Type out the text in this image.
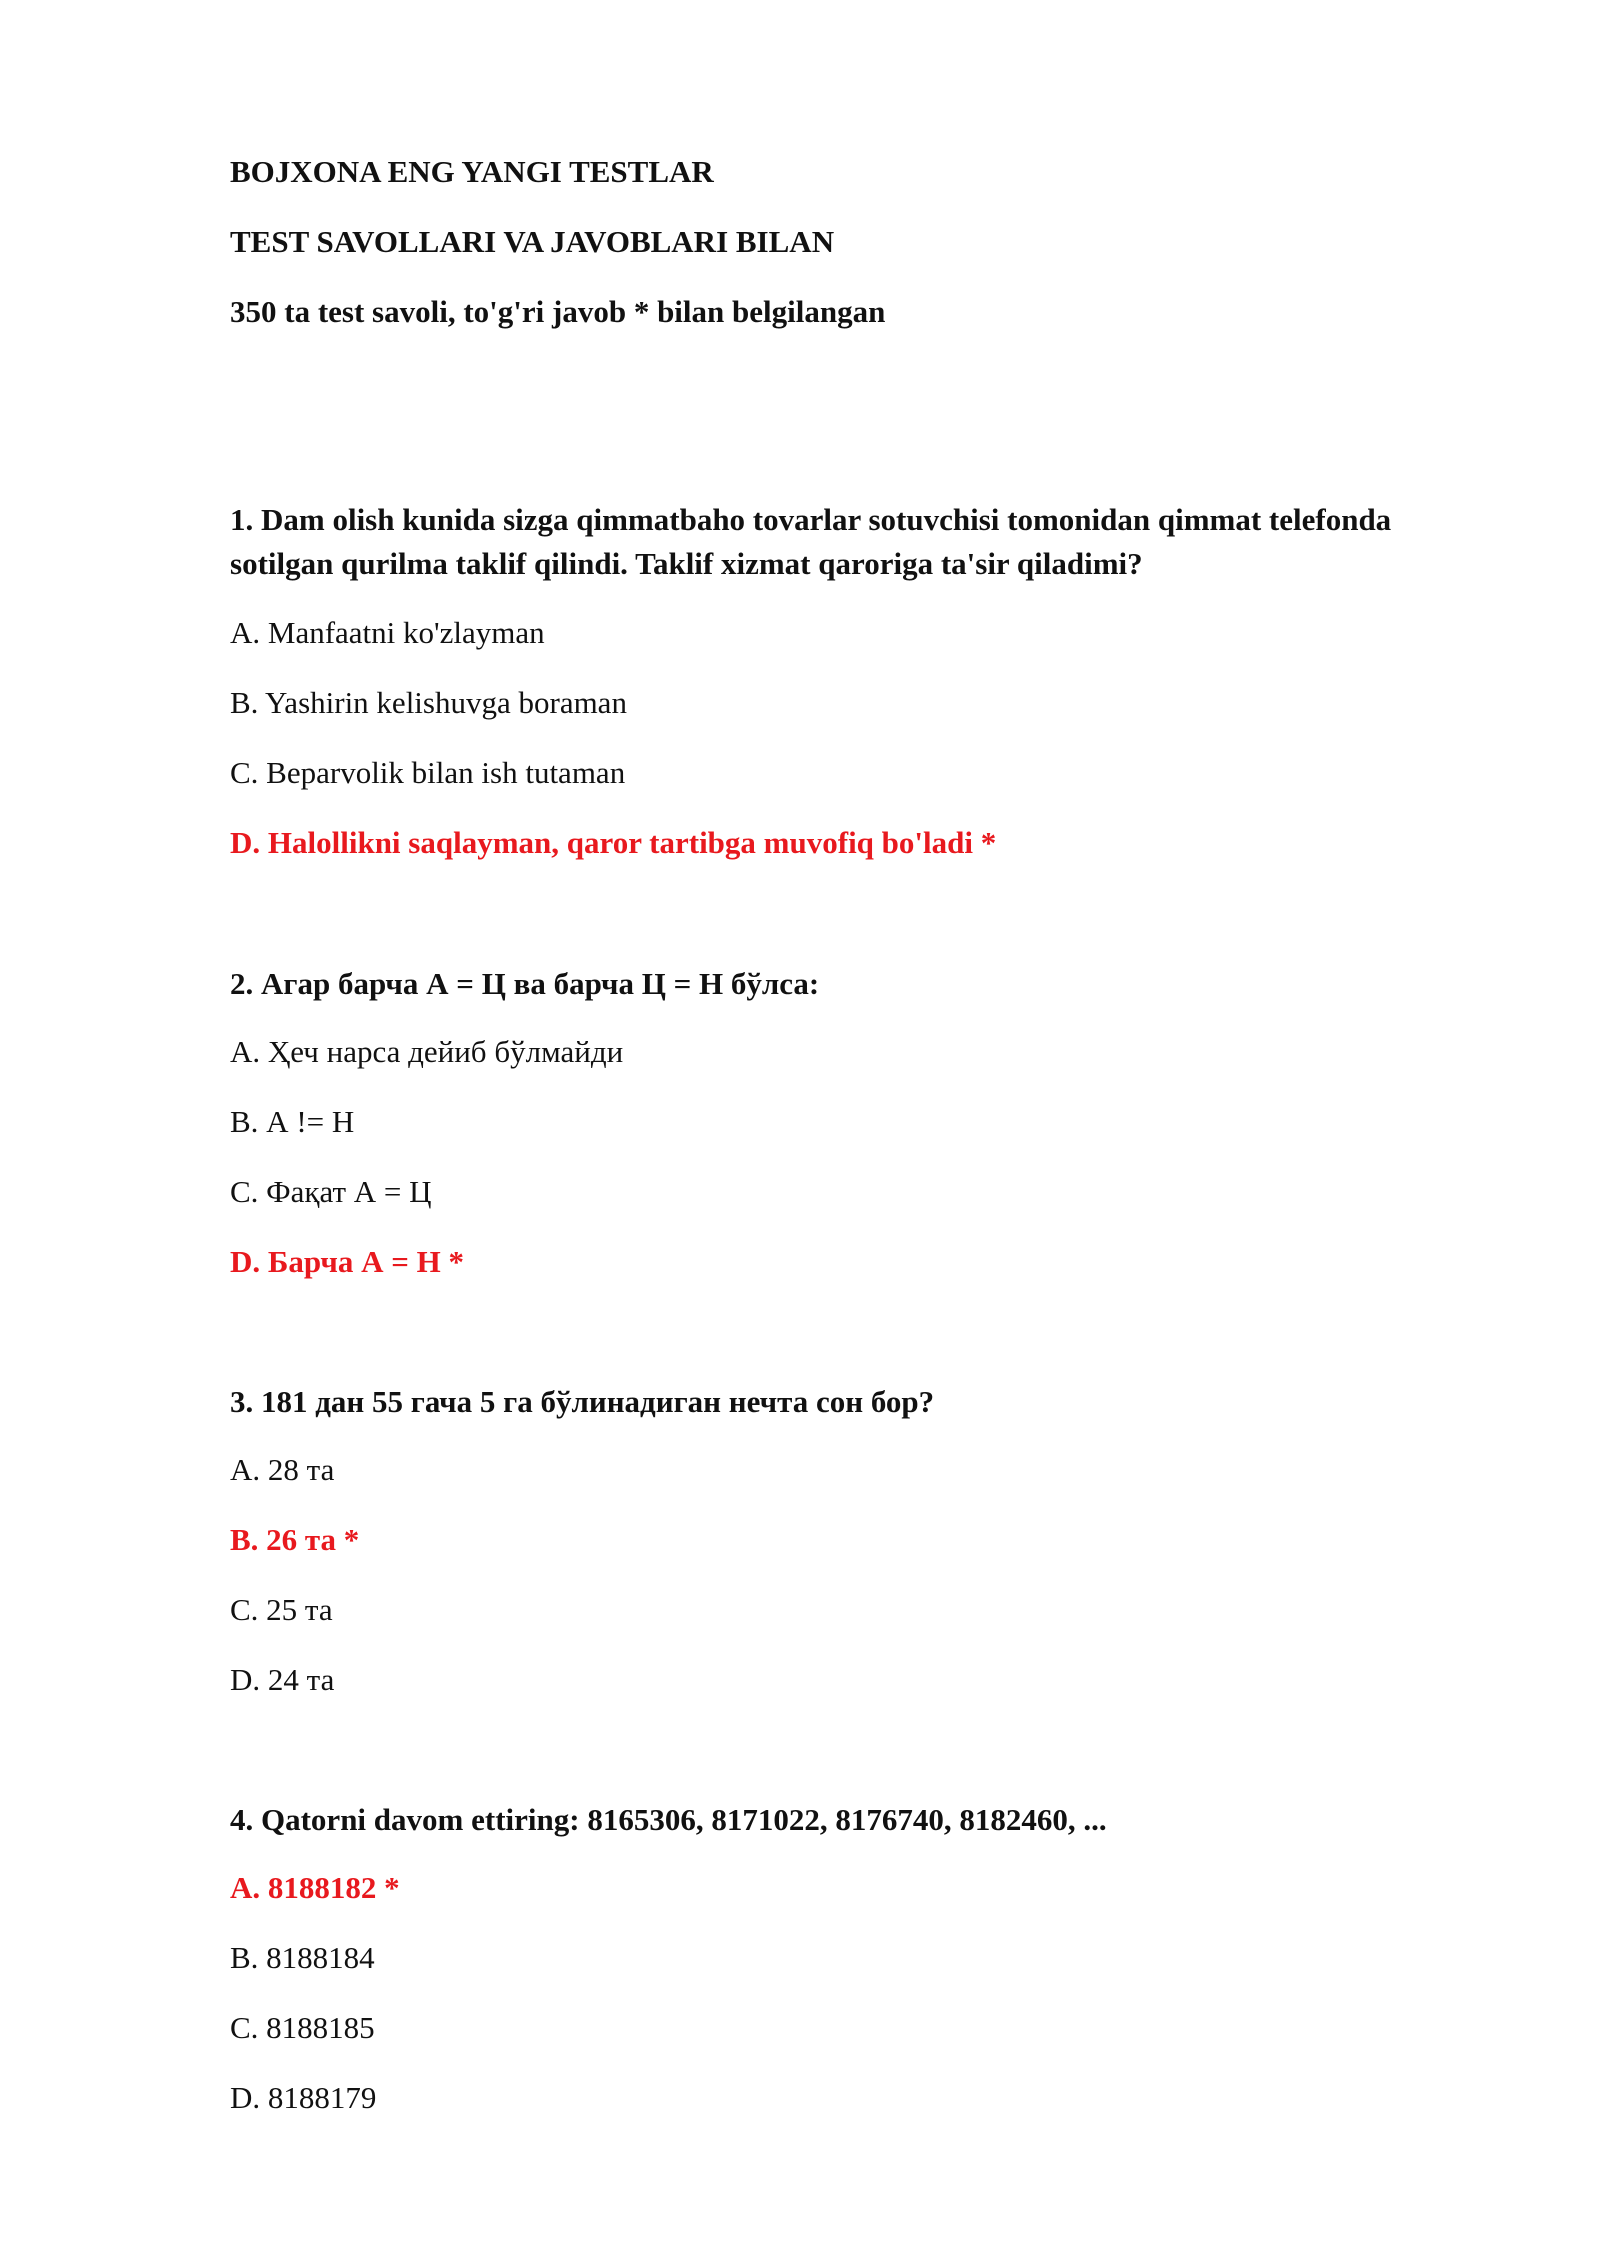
BOJXONA ENG YANGI TESTLAR
TEST SAVOLLARI VA JAVOBLARI BILAN
350 ta test savoli, to'g'ri javob * bilan belgilangan
1. Dam olish kunida sizga qimmatbaho tovarlar sotuvchisi tomonidan qimmat telefonda sotilgan qurilma taklif qilindi. Taklif xizmat qaroriga ta'sir qiladimi?
A. Manfaatni ko'zlayman
B. Yashirin kelishuvga boraman
C. Beparvolik bilan ish tutaman
D. Halollikni saqlayman, qaror tartibga muvofiq bo'ladi *
2. Агар барча А = Ц ва барча Ц = Н бўлса:
А. Ҳеч нарса дейиб бўлмайди
В. А != Н
С. Фақат А = Ц
D. Барча А = Н *
3. 181 дан 55 гача 5 га бўлинадиган нечта сон бор?
А. 28 та
В. 26 та *
С. 25 та
D. 24 та
4. Qatorni davom ettiring: 8165306, 8171022, 8176740, 8182460, ...
A. 8188182 *
B. 8188184
C. 8188185
D. 8188179
